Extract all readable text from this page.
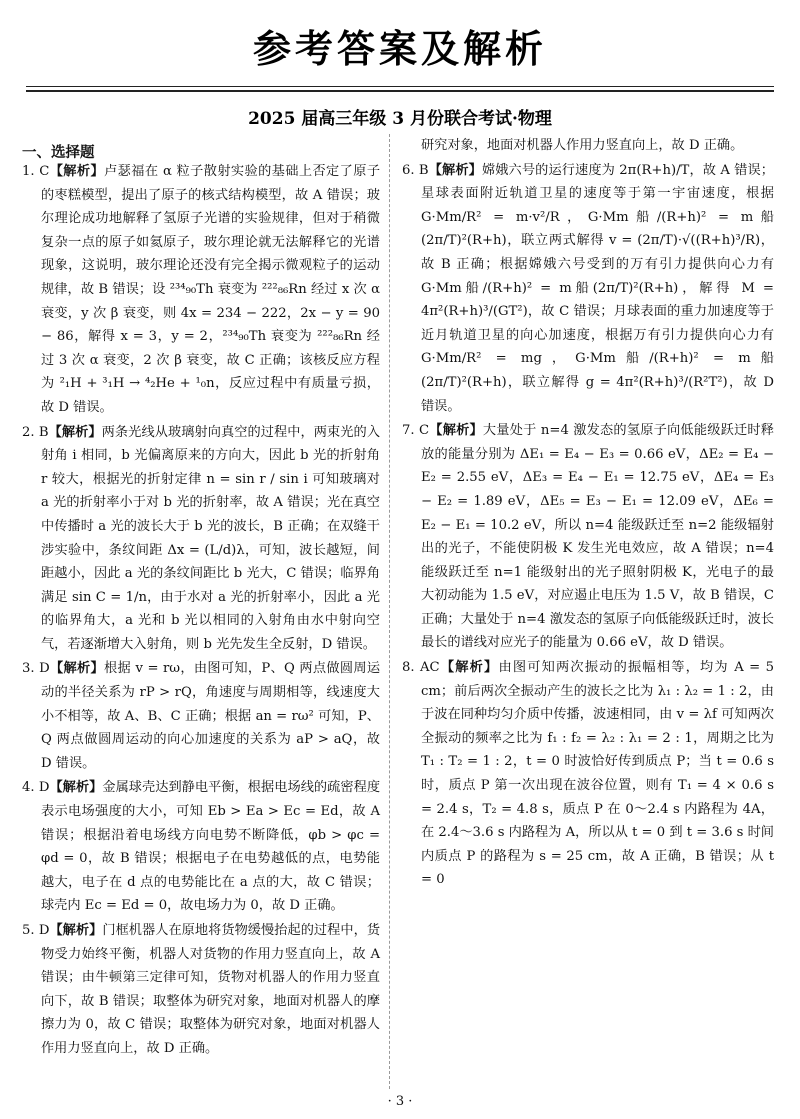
参考答案及解析
2025 届高三年级 3 月份联合考试·物理
一、选择题

1. C【解析】卢瑟福在 α 粒子散射实验的基础上否定了原子的枣糕模型，提出了原子的核式结构模型，故 A 错误；玻尔理论成功地解释了氢原子光谱的实验规律，但对于稍微复杂一点的原子如氦原子，玻尔理论就无法解释它的光谱现象，这说明，玻尔理论还没有完全揭示微观粒子的运动规律，故 B 错误；设 ²³⁴₉₀Th 衰变为 ²²²₈₆Rn 经过 x 次 α 衰变，y 次 β 衰变，则 4x = 234 − 222，2x − y = 90 − 86，解得 x = 3，y = 2，²³⁴₉₀Th 衰变为 ²²²₈₆Rn 经过 3 次 α 衰变，2 次 β 衰变，故 C 正确；该核反应方程为 ²₁H + ³₁H → ⁴₂He + ¹₀n，反应过程中有质量亏损，故 D 错误。

2. B【解析】两条光线从玻璃射向真空的过程中，两束光的入射角 i 相同，b 光偏离原来的方向大，因此 b 光的折射角 r 较大，根据光的折射定律 n = sin r / sin i 可知玻璃对 a 光的折射率小于对 b 光的折射率，故 A 错误；光在真空中传播时 a 光的波长大于 b 光的波长，B 正确；在双缝干涉实验中，条纹间距 Δx = (L/d)λ，可知，波长越短，间距越小，因此 a 光的条纹间距比 b 光大，C 错误；临界角满足 sin C = 1/n，由于水对 a 光的折射率小，因此 a 光的临界角大，a 光和 b 光以相同的入射角由水中射向空气，若逐渐增大入射角，则 b 光先发生全反射，D 错误。

3. D【解析】根据 v = rω，由图可知，P、Q 两点做圆周运动的半径关系为 rP > rQ，角速度与周期相等，线速度大小不相等，故 A、B、C 正确；根据 an = rω² 可知，P、Q 两点做圆周运动的向心加速度的关系为 aP > aQ，故 D 错误。

4. D【解析】金属球壳达到静电平衡，根据电场线的疏密程度表示电场强度的大小，可知 Eb > Ea > Ec = Ed，故 A 错误；根据沿着电场线方向电势不断降低，φb > φc = φd = 0，故 B 错误；根据电子在电势越低的点，电势能越大，电子在 d 点的电势能比在 a 点的大，故 C 错误；球壳内 Ec = Ed = 0，故电场力为 0，故 D 正确。

5. D【解析】门框机器人在原地将货物缓慢抬起的过程中，货物受力始终平衡，机器人对货物的作用力竖直向上，故 A 错误；由牛顿第三定律可知，货物对机器人的作用力竖直向下，故 B 错误；取整体为研究对象，地面对机器人的摩擦力为 0，故 C 错误；取整体为研究对象，地面对机器人作用力竖直向上，故 D 正确。

研究对象，地面对机器人作用力竖直向上，故 D 正确。

6. B【解析】嫦娥六号的运行速度为 2π(R+h)/T，故 A 错误；星球表面附近轨道卫星的速度等于第一宇宙速度，根据 G·Mm/R² = m·v²/R，G·Mm船/(R+h)² = m船(2π/T)²(R+h)，联立两式解得 v = (2π/T)·√((R+h)³/R)，故 B 正确；根据嫦娥六号受到的万有引力提供向心力有 G·Mm船/(R+h)² = m船(2π/T)²(R+h)，解得 M = 4π²(R+h)³/(GT²)，故 C 错误；月球表面的重力加速度等于近月轨道卫星的向心加速度，根据万有引力提供向心力有 G·Mm/R² = mg，G·Mm船/(R+h)² = m船(2π/T)²(R+h)，联立解得 g = 4π²(R+h)³/(R²T²)，故 D 错误。

7. C【解析】大量处于 n=4 激发态的氢原子向低能级跃迁时释放的能量分别为 ΔE₁ = E₄ − E₃ = 0.66 eV，ΔE₂ = E₄ − E₂ = 2.55 eV，ΔE₃ = E₄ − E₁ = 12.75 eV，ΔE₄ = E₃ − E₂ = 1.89 eV，ΔE₅ = E₃ − E₁ = 12.09 eV，ΔE₆ = E₂ − E₁ = 10.2 eV，所以 n=4 能级跃迁至 n=2 能级辐射出的光子，不能使阴极 K 发生光电效应，故 A 错误；n=4 能级跃迁至 n=1 能级射出的光子照射阴极 K，光电子的最大初动能为 1.5 eV，对应遏止电压为 1.5 V，故 B 错误，C 正确；大量处于 n=4 激发态的氢原子向低能级跃迁时，波长最长的谱线对应光子的能量为 0.66 eV，故 D 错误。

8. AC【解析】由图可知两次振动的振幅相等，均为 A = 5 cm；前后两次全振动产生的波长之比为 λ₁ : λ₂ = 1 : 2，由于波在同种均匀介质中传播，波速相同，由 v = λf 可知两次全振动的频率之比为 f₁ : f₂ = λ₂ : λ₁ = 2 : 1，周期之比为 T₁ : T₂ = 1 : 2，t = 0 时波恰好传到质点 P；当 t = 0.6 s 时，质点 P 第一次出现在波谷位置，则有 T₁ = 4 × 0.6 s = 2.4 s，T₂ = 4.8 s，质点 P 在 0～2.4 s 内路程为 4A，在 2.4～3.6 s 内路程为 A，所以从 t = 0 到 t = 3.6 s 时间内质点 P 的路程为 s = 25 cm，故 A 正确，B 错误；从 t = 0

· 3 ·
